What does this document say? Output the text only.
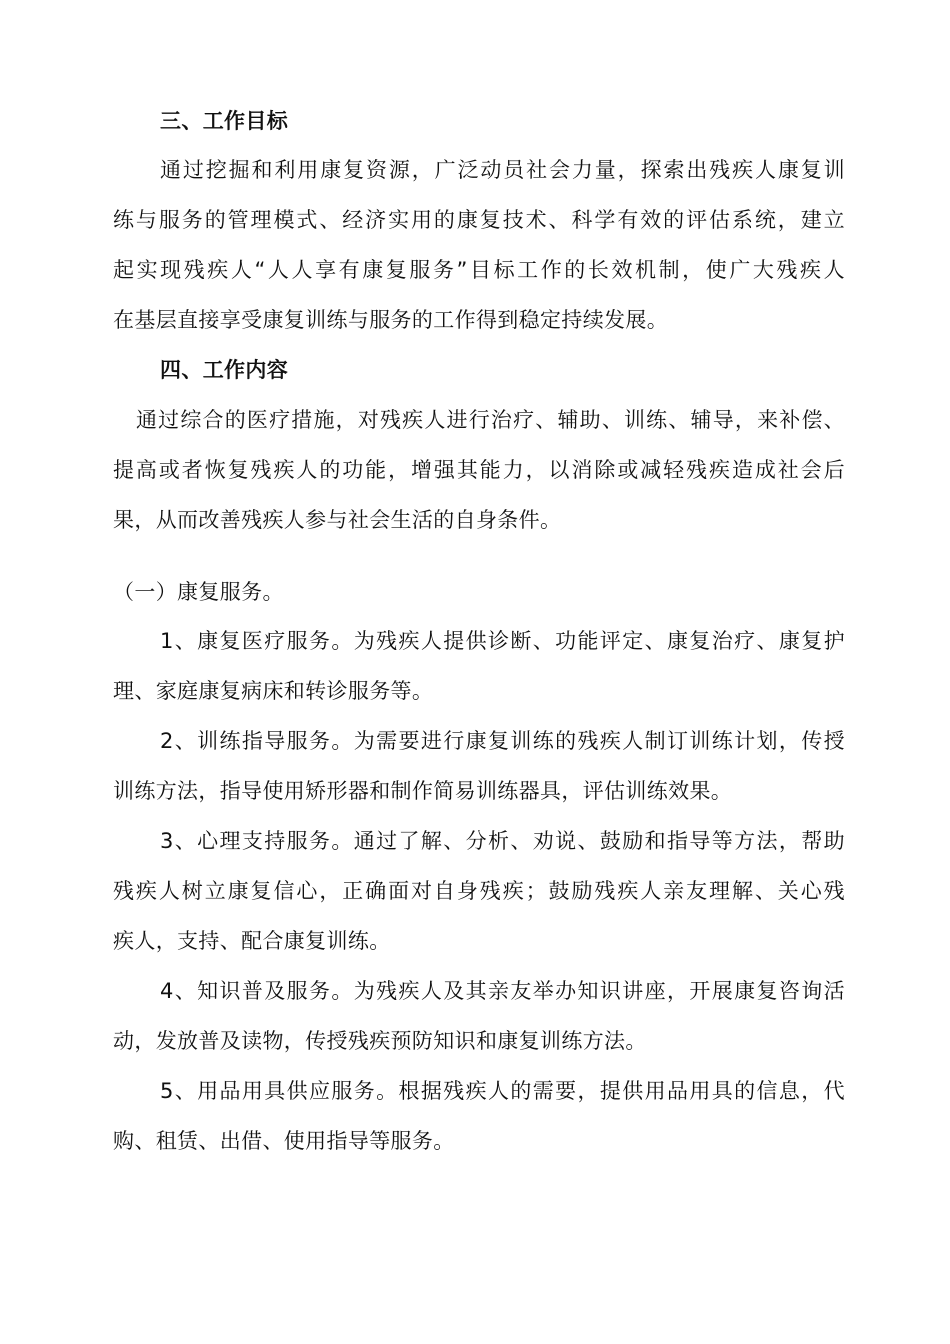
三、工作目标
通过挖掘和利用康复资源，广泛动员社会力量，探索出残疾人康复训
练与服务的管理模式、经济实用的康复技术、科学有效的评估系统，建立
起实现残疾人“人人享有康复服务”目标工作的长效机制，使广大残疾人
在基层直接享受康复训练与服务的工作得到稳定持续发展。
四、工作内容
通过综合的医疗措施，对残疾人进行治疗、辅助、训练、辅导，来补偿、
提高或者恢复残疾人的功能，增强其能力，以消除或减轻残疾造成社会后
果，从而改善残疾人参与社会生活的自身条件。
（一）康复服务。
1、康复医疗服务。为残疾人提供诊断、功能评定、康复治疗、康复护
理、家庭康复病床和转诊服务等。
2、训练指导服务。为需要进行康复训练的残疾人制订训练计划，传授
训练方法，指导使用矫形器和制作简易训练器具，评估训练效果。
3、心理支持服务。通过了解、分析、劝说、鼓励和指导等方法，帮助
残疾人树立康复信心，正确面对自身残疾；鼓励残疾人亲友理解、关心残
疾人，支持、配合康复训练。
4、知识普及服务。为残疾人及其亲友举办知识讲座，开展康复咨询活
动，发放普及读物，传授残疾预防知识和康复训练方法。
5、用品用具供应服务。根据残疾人的需要，提供用品用具的信息，代
购、租赁、出借、使用指导等服务。
